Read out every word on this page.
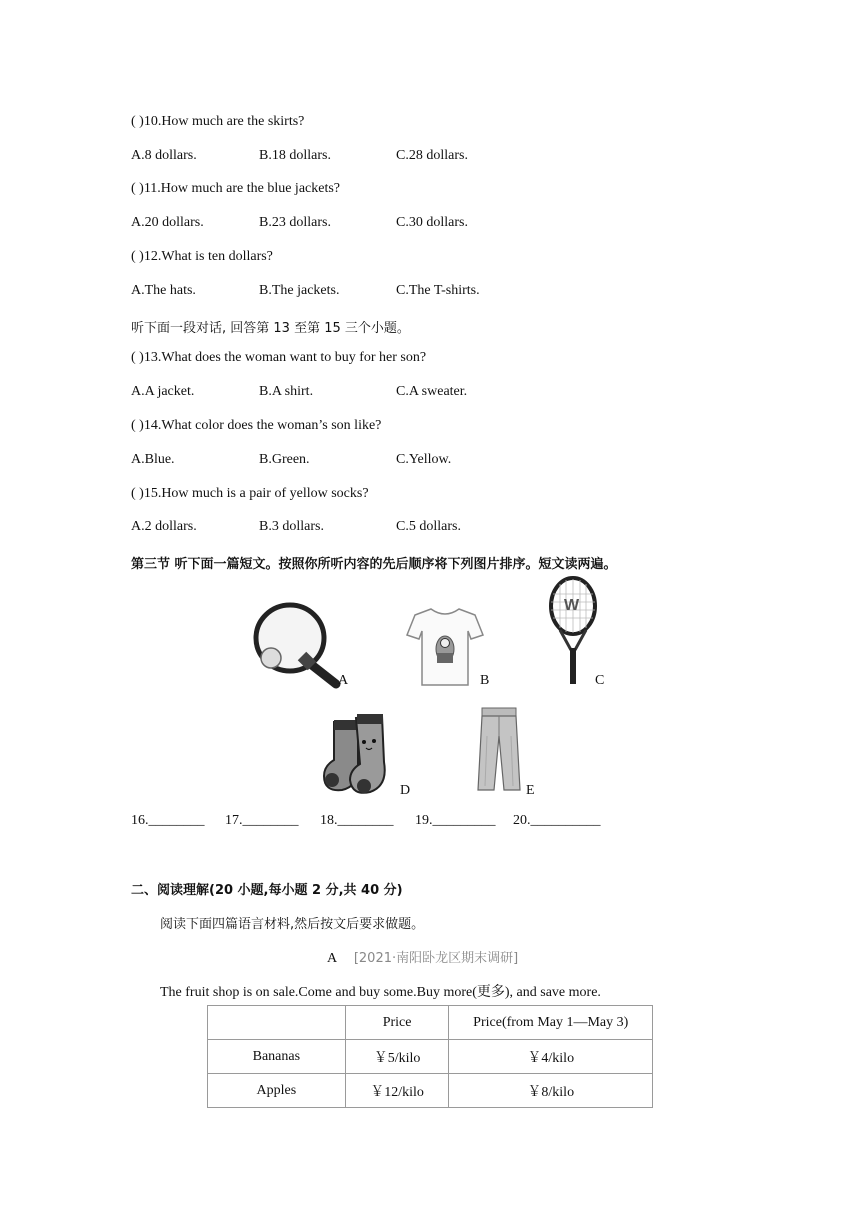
( )10.How much are the skirts?
A.8 dollars.	B.18 dollars.	C.28 dollars.
( )11.How much are the blue jackets?
A.20 dollars.	B.23 dollars.	C.30 dollars.
( )12.What is ten dollars?
A.The hats.	B.The jackets.	C.The T-shirts.
听下面一段对话, 回答第 13 至第 15 三个小题。
( )13.What does the woman want to buy for her son?
A.A jacket.	B.A shirt.	C.A sweater.
( )14.What color does the woman’s son like?
A.Blue.	B.Green.	C.Yellow.
( )15.How much is a pair of yellow socks?
A.2 dollars.	B.3 dollars.	C.5 dollars.
第三节 听下面一篇短文。按照你所听内容的先后顺序将下列图片排序。短文读两遍。
A	B
W
C
D	E
16.________ 17.________ 18.________ 19._________ 20.__________
二、阅读理解(20 小题,每小题 2 分,共 40 分)
阅读下面四篇语言材料,然后按文后要求做题。
A [2021·南阳卧龙区期末调研]
The fruit shop is on sale.Come and buy some.Buy more(更多), and save more.
	Price	Price(from May 1—May 3)
Bananas	￥5/kilo	￥4/kilo
Apples	￥12/kilo	￥8/kilo
